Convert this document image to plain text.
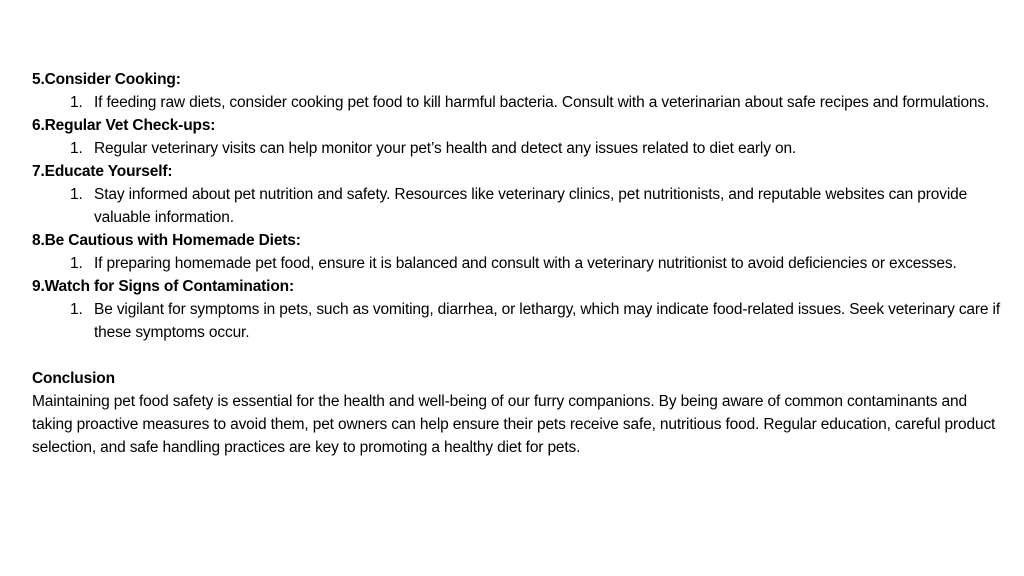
5.Consider Cooking:

1. If feeding raw diets, consider cooking pet food to kill harmful bacteria. Consult with a veterinarian about safe recipes and formulations.

6.Regular Vet Check-ups:

1. Regular veterinary visits can help monitor your pet’s health and detect any issues related to diet early on.

7.Educate Yourself:

1. Stay informed about pet nutrition and safety. Resources like veterinary clinics, pet nutritionists, and reputable websites can provide valuable information.

8.Be Cautious with Homemade Diets:

1. If preparing homemade pet food, ensure it is balanced and consult with a veterinary nutritionist to avoid deficiencies or excesses.

9.Watch for Signs of Contamination:

1. Be vigilant for symptoms in pets, such as vomiting, diarrhea, or lethargy, which may indicate food-related issues. Seek veterinary care if these symptoms occur.

Conclusion

Maintaining pet food safety is essential for the health and well-being of our furry companions. By being aware of common contaminants and taking proactive measures to avoid them, pet owners can help ensure their pets receive safe, nutritious food. Regular education, careful product selection, and safe handling practices are key to promoting a healthy diet for pets.
